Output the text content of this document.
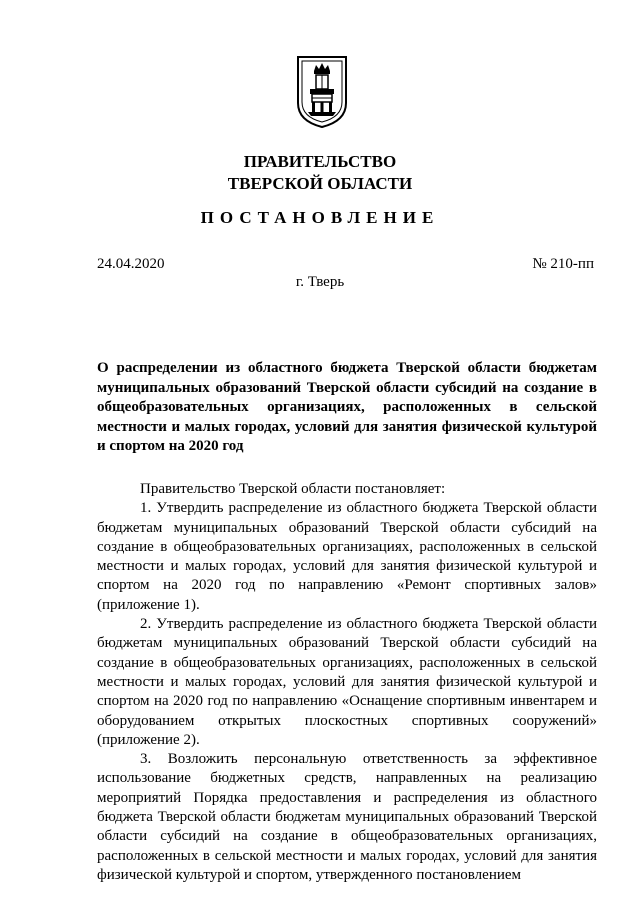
ПРАВИТЕЛЬСТВО
ТВЕРСКОЙ ОБЛАСТИ
ПОСТАНОВЛЕНИЕ
24.04.2020	№ 210-пп
г. Тверь
О распределении из областного бюджета Тверской области бюджетам муниципальных образований Тверской области субсидий на создание в общеобразовательных организациях, расположенных в сельской местности и малых городах, условий для занятия физической культурой и спортом на 2020 год

Правительство Тверской области постановляет:

1. Утвердить распределение из областного бюджета Тверской области бюджетам муниципальных образований Тверской области субсидий на создание в общеобразовательных организациях, расположенных в сельской местности и малых городах, условий для занятия физической культурой и спортом на 2020 год по направлению «Ремонт спортивных залов» (приложение 1).

2. Утвердить распределение из областного бюджета Тверской области бюджетам муниципальных образований Тверской области субсидий на создание в общеобразовательных организациях, расположенных в сельской местности и малых городах, условий для занятия физической культурой и спортом на 2020 год по направлению «Оснащение спортивным инвентарем и оборудованием открытых плоскостных спортивных сооружений» (приложение 2).

3. Возложить персональную ответственность за эффективное использование бюджетных средств, направленных на реализацию мероприятий Порядка предоставления и распределения из областного бюджета Тверской области бюджетам муниципальных образований Тверской области субсидий на создание в общеобразовательных организациях, расположенных в сельской местности и малых городах, условий для занятия физической культурой и спортом, утвержденного постановлением
